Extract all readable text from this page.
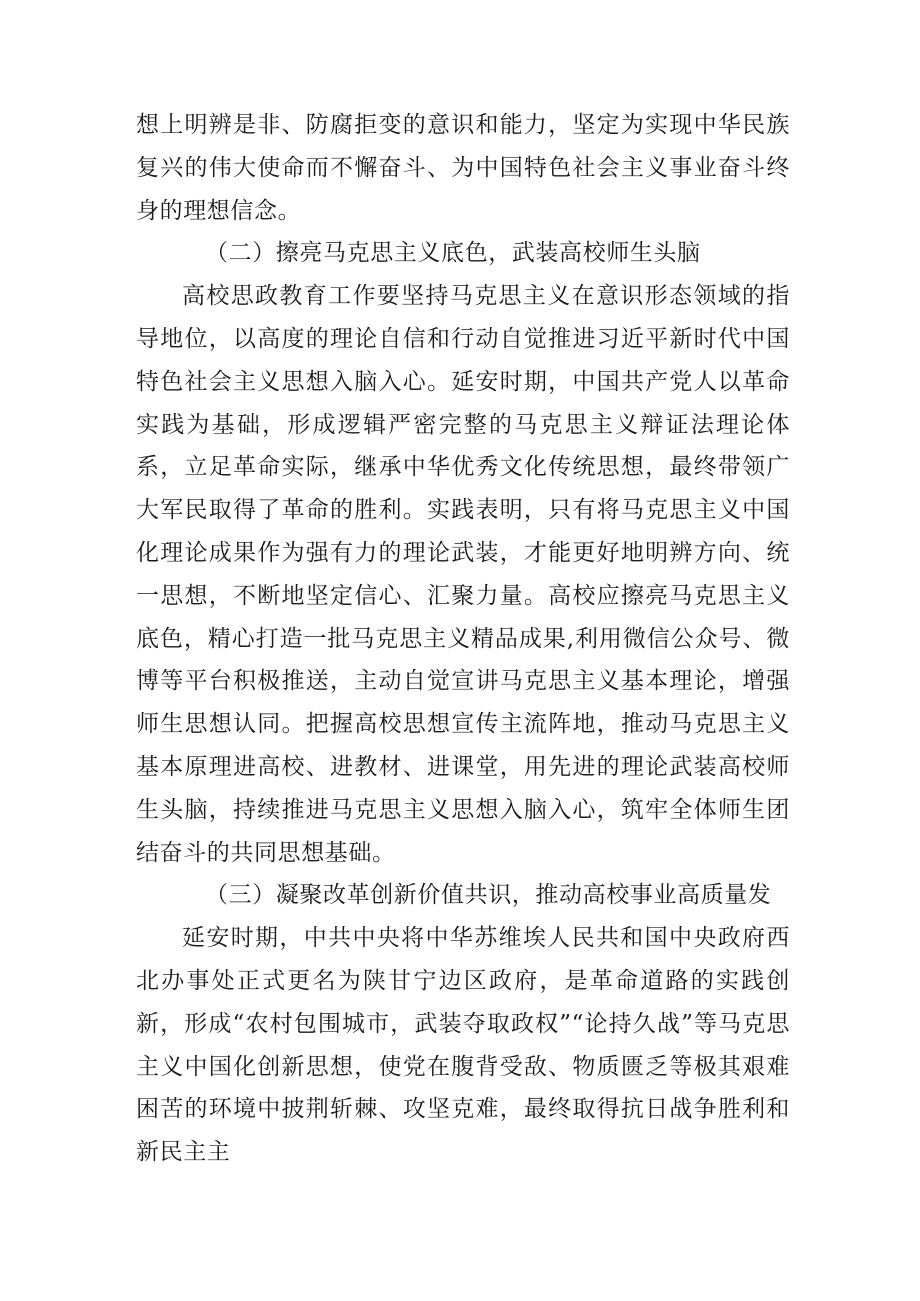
想上明辨是非、防腐拒变的意识和能力，坚定为实现中华民族复兴的伟大使命而不懈奋斗、为中国特色社会主义事业奋斗终身的理想信念。

（二）擦亮马克思主义底色，武装高校师生头脑

高校思政教育工作要坚持马克思主义在意识形态领域的指导地位，以高度的理论自信和行动自觉推进习近平新时代中国特色社会主义思想入脑入心。延安时期，中国共产党人以革命实践为基础，形成逻辑严密完整的马克思主义辩证法理论体系，立足革命实际，继承中华优秀文化传统思想，最终带领广大军民取得了革命的胜利。实践表明，只有将马克思主义中国化理论成果作为强有力的理论武装，才能更好地明辨方向、统一思想，不断地坚定信心、汇聚力量。高校应擦亮马克思主义底色，精心打造一批马克思主义精品成果,利用微信公众号、微博等平台积极推送，主动自觉宣讲马克思主义基本理论，增强师生思想认同。把握高校思想宣传主流阵地，推动马克思主义基本原理进高校、进教材、进课堂，用先进的理论武装高校师生头脑，持续推进马克思主义思想入脑入心，筑牢全体师生团结奋斗的共同思想基础。

（三）凝聚改革创新价值共识，推动高校事业高质量发

延安时期，中共中央将中华苏维埃人民共和国中央政府西北办事处正式更名为陕甘宁边区政府，是革命道路的实践创新，形成“农村包围城市，武装夺取政权”“论持久战”等马克思主义中国化创新思想，使党在腹背受敌、物质匮乏等极其艰难困苦的环境中披荆斩棘、攻坚克难，最终取得抗日战争胜利和新民主主
